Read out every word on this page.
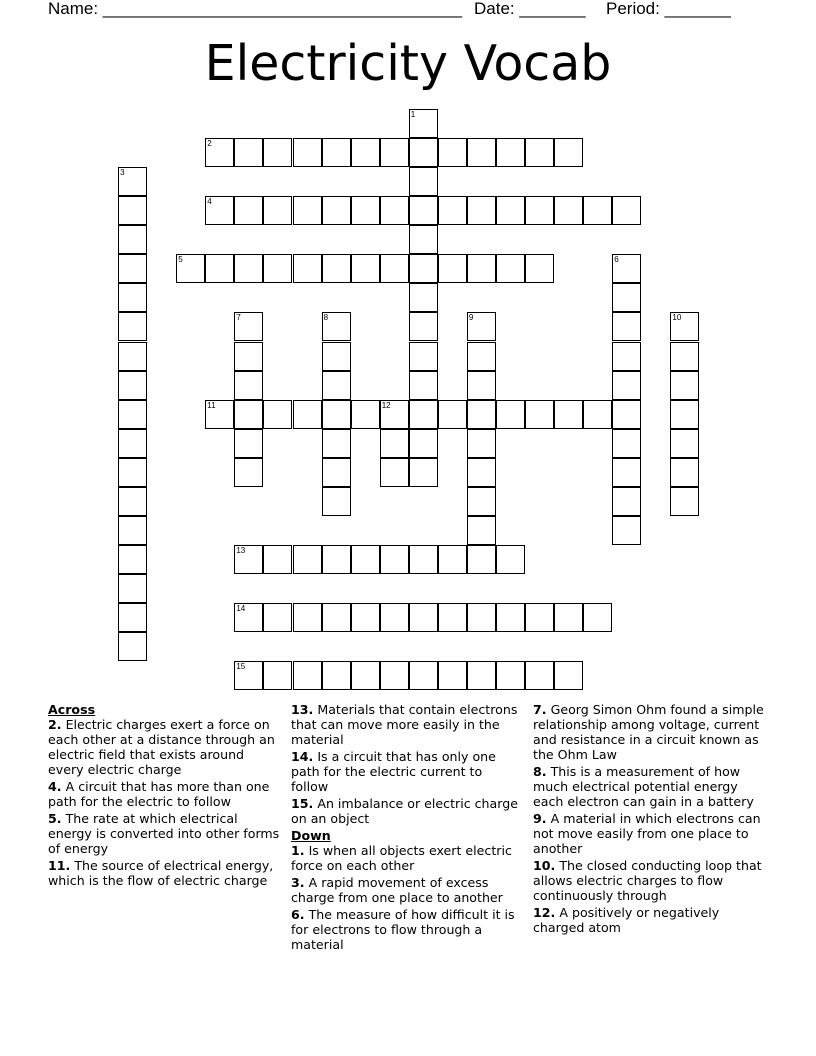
Name: ______________________________________ Date: _______ Period: _______
Electricity Vocab
1
2
3
4
5	6
7	8	9	10
11	12
13
14
15
Across
2. Electric charges exert a force on each other at a distance through an electric field that exists around every electric charge
4. A circuit that has more than one path for the electric to follow
5. The rate at which electrical energy is converted into other forms of energy
11. The source of electrical energy, which is the flow of electric charge
13. Materials that contain electrons that can move more easily in the material
14. Is a circuit that has only one path for the electric current to follow
15. An imbalance or electric charge on an object
Down
1. Is when all objects exert electric force on each other
3. A rapid movement of excess charge from one place to another
6. The measure of how difficult it is for electrons to flow through a material
7. Georg Simon Ohm found a simple relationship among voltage, current and resistance in a circuit known as the Ohm Law
8. This is a measurement of how much electrical potential energy each electron can gain in a battery
9. A material in which electrons can not move easily from one place to another
10. The closed conducting loop that allows electric charges to flow continuously through
12. A positively or negatively charged atom
